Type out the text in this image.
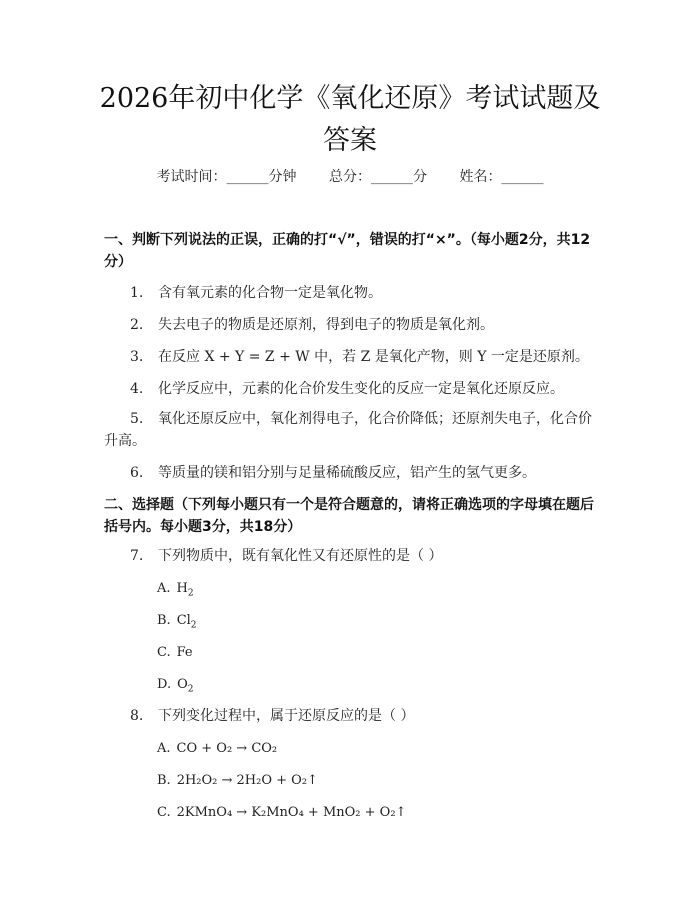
2026年初中化学《氧化还原》考试试题及答案
考试时间：______分钟 总分：______分 姓名：______
一、判断下列说法的正误，正确的打“√”，错误的打“×”。（每小题2分，共12分）
1. 含有氧元素的化合物一定是氧化物。
2. 失去电子的物质是还原剂，得到电子的物质是氧化剂。
3. 在反应 X + Y = Z + W 中，若 Z 是氧化产物，则 Y 一定是还原剂。
4. 化学反应中，元素的化合价发生变化的反应一定是氧化还原反应。
5. 氧化还原反应中，氧化剂得电子，化合价降低；还原剂失电子，化合价升高。
6. 等质量的镁和铝分别与足量稀硫酸反应，铝产生的氢气更多。
二、选择题（下列每小题只有一个是符合题意的，请将正确选项的字母填在题后括号内。每小题3分，共18分）
7. 下列物质中，既有氧化性又有还原性的是（ ）
A. $H_2$
B. $Cl_2$
C. Fe
D. $O_2$
8. 下列变化过程中，属于还原反应的是（ ）
A. CO + O₂ → CO₂
B. 2H₂O₂ → 2H₂O + O₂↑
C. 2KMnO₄ → K₂MnO₄ + MnO₂ + O₂↑
